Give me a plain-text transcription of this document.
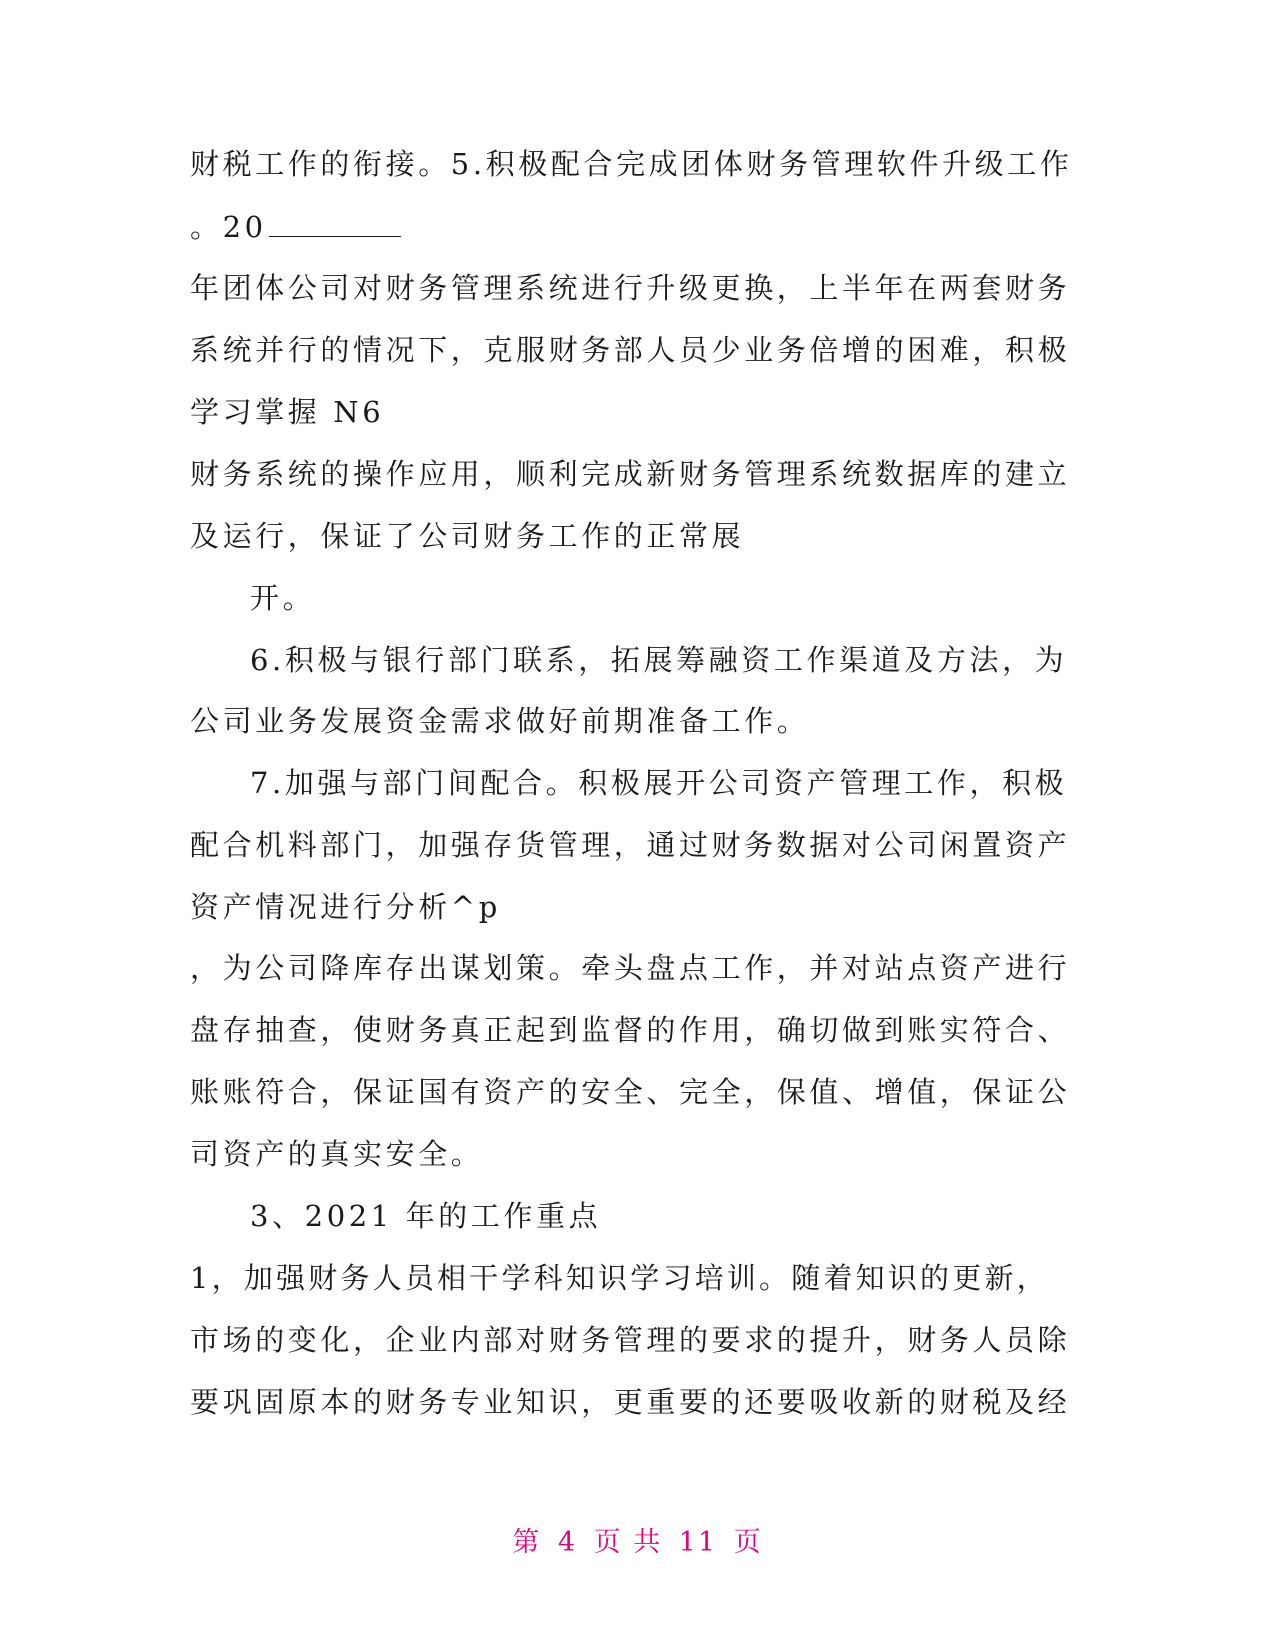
财税工作的衔接。5.积极配合完成团体财务管理软件升级工作
。20
年团体公司对财务管理系统进行升级更换，上半年在两套财务
系统并行的情况下，克服财务部人员少业务倍增的困难，积极
学习掌握 N6
财务系统的操作应用，顺利完成新财务管理系统数据库的建立
及运行，保证了公司财务工作的正常展
开。
6.积极与银行部门联系，拓展筹融资工作渠道及方法，为
公司业务发展资金需求做好前期准备工作。
7.加强与部门间配合。积极展开公司资产管理工作，积极
配合机料部门，加强存货管理，通过财务数据对公司闲置资产
资产情况进行分析^p
，为公司降库存出谋划策。牵头盘点工作，并对站点资产进行
盘存抽查，使财务真正起到监督的作用，确切做到账实符合、
账账符合，保证国有资产的安全、完全，保值、增值，保证公
司资产的真实安全。
3、2021 年的工作重点
1，加强财务人员相干学科知识学习培训。随着知识的更新，
市场的变化，企业内部对财务管理的要求的提升，财务人员除
要巩固原本的财务专业知识，更重要的还要吸收新的财税及经
第 4 页 共 11 页
